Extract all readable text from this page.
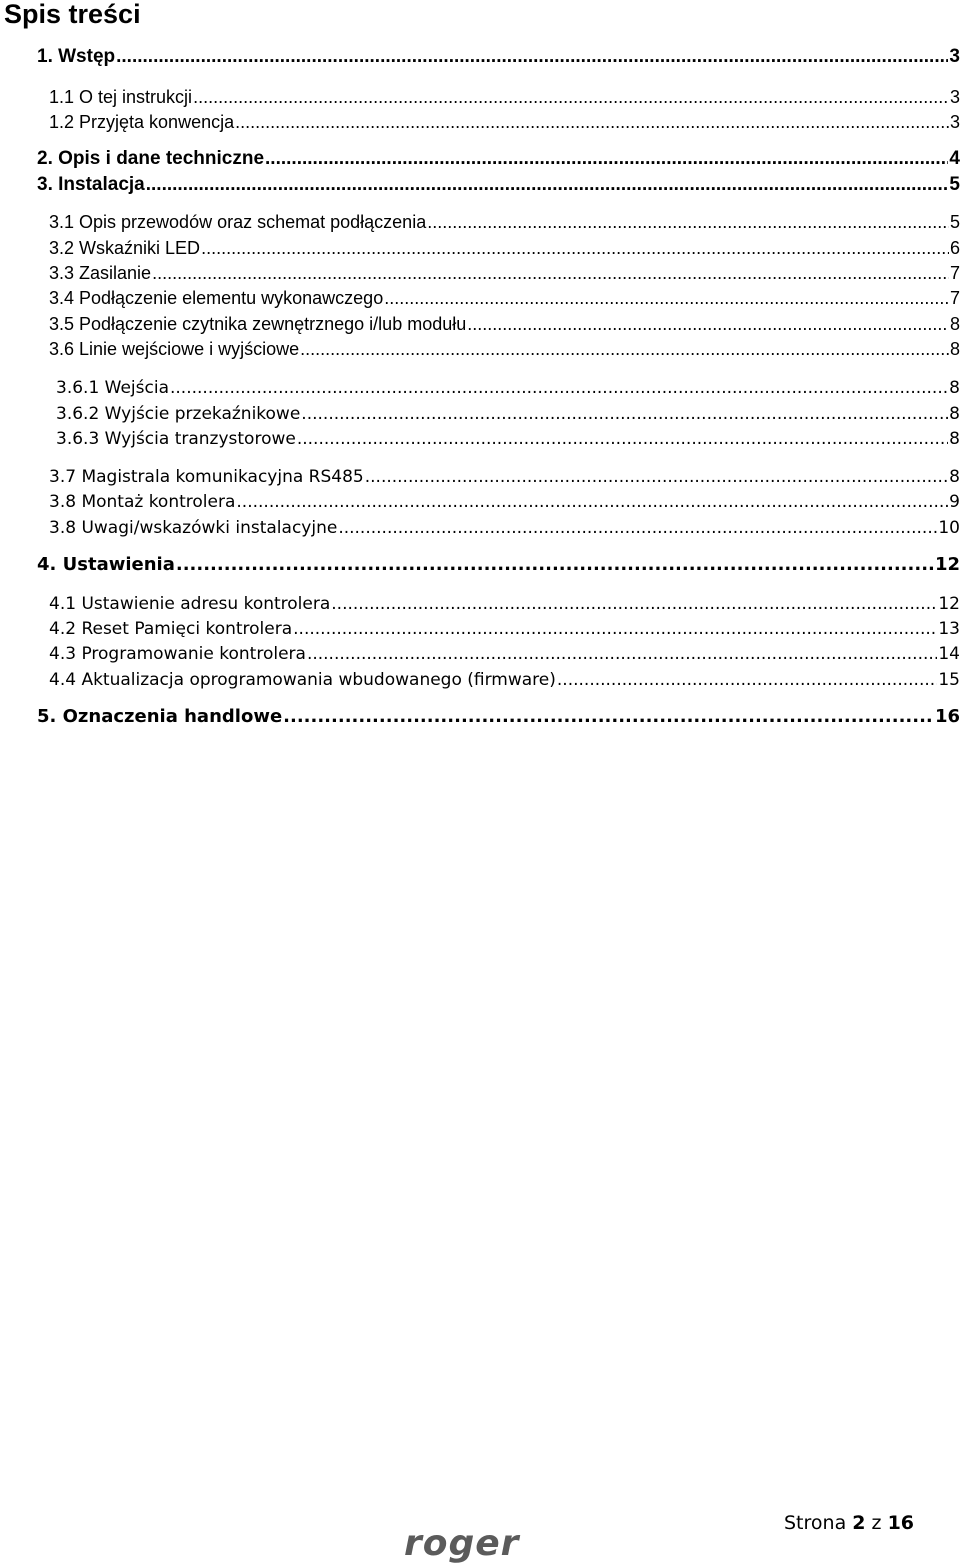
Spis treści
1. Wstęp .....	3
1.1 O tej instrukcji .....	3
1.2 Przyjęta konwencja .....	3
2. Opis i dane techniczne .....	4
3. Instalacja .....	5
3.1 Opis przewodów oraz schemat podłączenia .....	5
3.2 Wskaźniki LED .....	6
3.3 Zasilanie .....	7
3.4 Podłączenie elementu wykonawczego .....	7
3.5 Podłączenie czytnika zewnętrznego i/lub modułu .....	8
3.6 Linie wejściowe i wyjściowe .....	8
3.6.1 Wejścia .....	8
3.6.2 Wyjście przekaźnikowe .....	8
3.6.3 Wyjścia tranzystorowe .....	8
3.7 Magistrala komunikacyjna RS485 .....	8
3.8 Montaż kontrolera .....	9
3.8 Uwagi/wskazówki instalacyjne .....	10
4. Ustawienia .....	12
4.1 Ustawienie adresu kontrolera .....	12
4.2 Reset Pamięci kontrolera .....	13
4.3 Programowanie kontrolera .....	14
4.4 Aktualizacja oprogramowania wbudowanego (firmware) .....	15
5. Oznaczenia handlowe .....	16
Strona 2 z 16
roger
